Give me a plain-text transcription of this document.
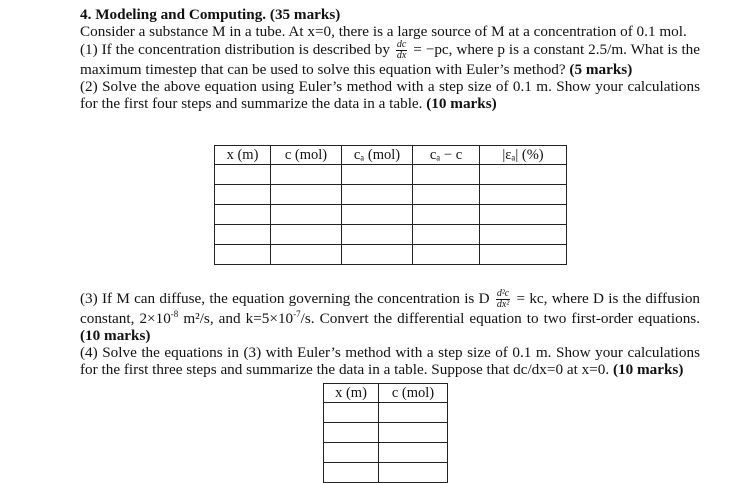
4. Modeling and Computing. (35 marks)

Consider a substance M in a tube. At x=0, there is a large source of M at a concentration of 0.1 mol.

(1) If the concentration distribution is described by $\frac{dc}{dx} = -pc$, where p is a constant 2.5/m. What is the maximum timestep that can be used to solve this equation with Euler’s method? (5 marks)

(2) Solve the above equation using Euler’s method with a step size of 0.1 m. Show your calculations for the first four steps and summarize the data in a table. (10 marks)

x (m)	c (mol)	cₐ (mol)	cₐ − c	|εₐ| (%)

(3) If M can diffuse, the equation governing the concentration is D $\frac{\text{d²c}}{\text{dx²}}$ = kc, where D is the diffusion constant, $2\times 10^{-8}$ m²/s, and $k=5\times 10^{-7}/s$. Convert the differential equation to two first-order equations. (10 marks)

(4) Solve the equations in (3) with Euler’s method with a step size of 0.1 m. Show your calculations for the first three steps and summarize the data in a table. Suppose that dc/dx=0 at x=0. (10 marks)

x (m)	c (mol)
